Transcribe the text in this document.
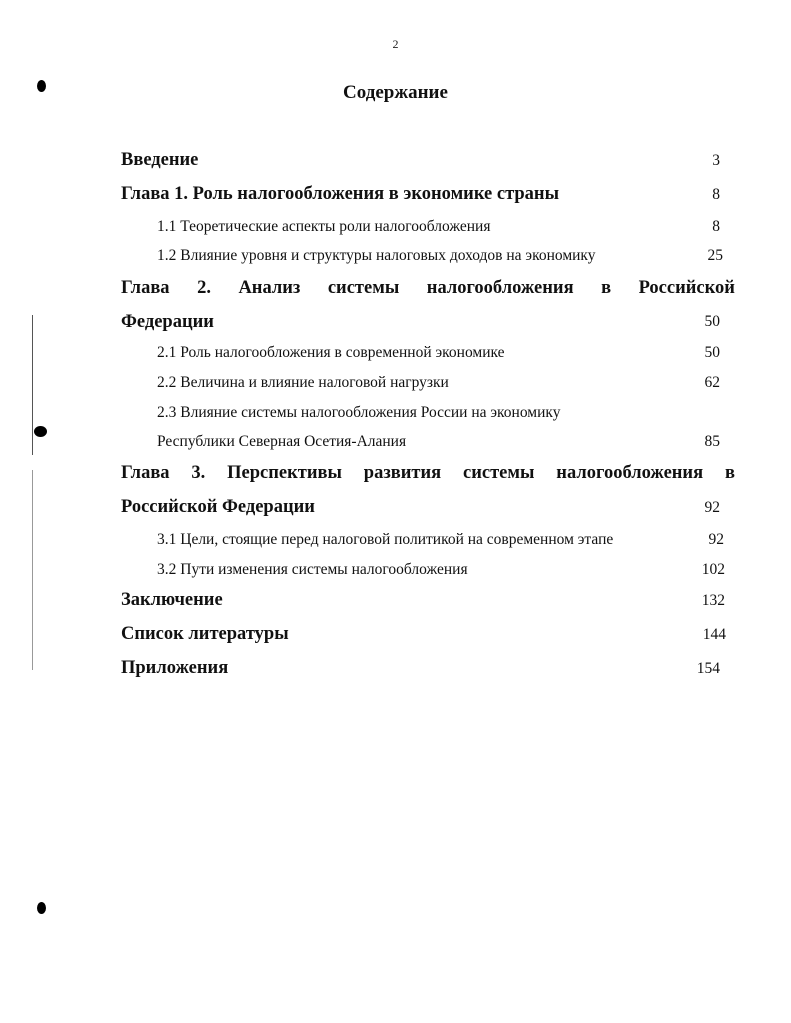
2
Содержание
Введение	3
Глава 1. Роль налогообложения в экономике страны	8
1.1 Теоретические аспекты роли налогообложения	8
1.2 Влияние уровня и структуры налоговых доходов на экономику	25
Глава 2. Анализ системы налогообложения в Российской
Федерации	50
2.1 Роль налогообложения в современной экономике	50
2.2 Величина и влияние налоговой нагрузки	62
2.3 Влияние системы налогообложения России на экономику
Республики Северная Осетия-Алания	85
Глава 3. Перспективы развития системы налогообложения в
Российской Федерации	92
3.1 Цели, стоящие перед налоговой политикой на современном этапе	92
3.2 Пути изменения системы налогообложения	102
Заключение	132
Список литературы	144
Приложения	154
